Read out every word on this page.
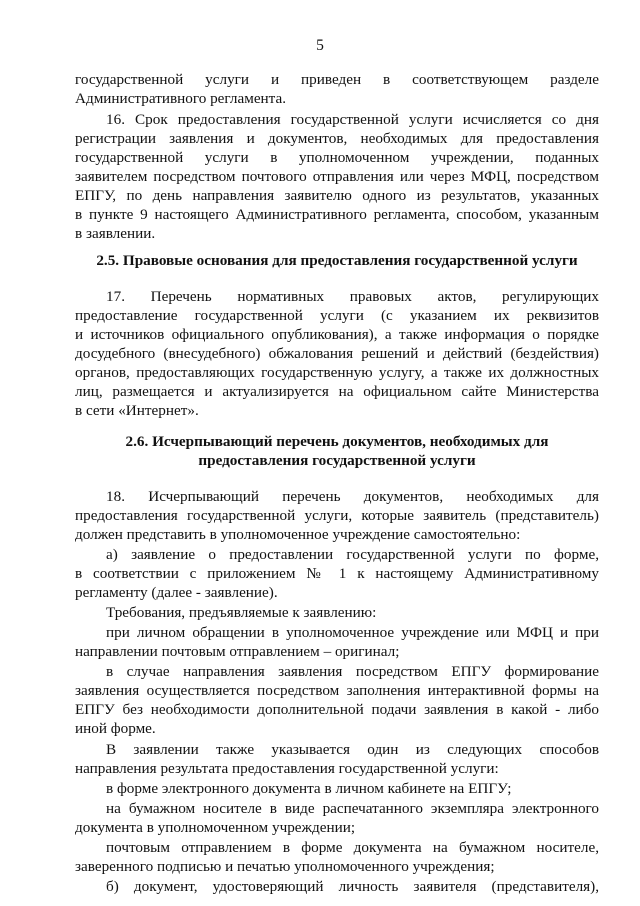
5
государственной услуги и приведен в соответствующем разделе
Административного регламента.
16. Срок предоставления государственной услуги исчисляется со дня
регистрации заявления и документов, необходимых для предоставления
государственной услуги в уполномоченном учреждении, поданных
заявителем посредством почтового отправления или через МФЦ, посредством
ЕПГУ, по день направления заявителю одного из результатов, указанных
в пункте 9 настоящего Административного регламента, способом, указанным
в заявлении.
2.5. Правовые основания для предоставления государственной услуги
17. Перечень нормативных правовых актов, регулирующих
предоставление государственной услуги (с указанием их реквизитов
и источников официального опубликования), а также информация о порядке
досудебного (внесудебного) обжалования решений и действий (бездействия)
органов, предоставляющих государственную услугу, а также их должностных
лиц, размещается и актуализируется на официальном сайте Министерства
в сети «Интернет».
2.6. Исчерпывающий перечень документов, необходимых для
предоставления государственной услуги
18. Исчерпывающий перечень документов, необходимых для
предоставления государственной услуги, которые заявитель (представитель)
должен представить в уполномоченное учреждение самостоятельно:
а) заявление о предоставлении государственной услуги по форме,
в соответствии с приложением № 1 к настоящему Административному
регламенту (далее - заявление).
Требования, предъявляемые к заявлению:
при личном обращении в уполномоченное учреждение или МФЦ и при
направлении почтовым отправлением – оригинал;
в случае направления заявления посредством ЕПГУ формирование
заявления осуществляется посредством заполнения интерактивной формы на
ЕПГУ без необходимости дополнительной подачи заявления в какой - либо
иной форме.
В заявлении также указывается один из следующих способов
направления результата предоставления государственной услуги:
в форме электронного документа в личном кабинете на ЕПГУ;
на бумажном носителе в виде распечатанного экземпляра электронного
документа в уполномоченном учреждении;
почтовым отправлением в форме документа на бумажном носителе,
заверенного подписью и печатью уполномоченного учреждения;
б) документ, удостоверяющий личность заявителя (представителя),
